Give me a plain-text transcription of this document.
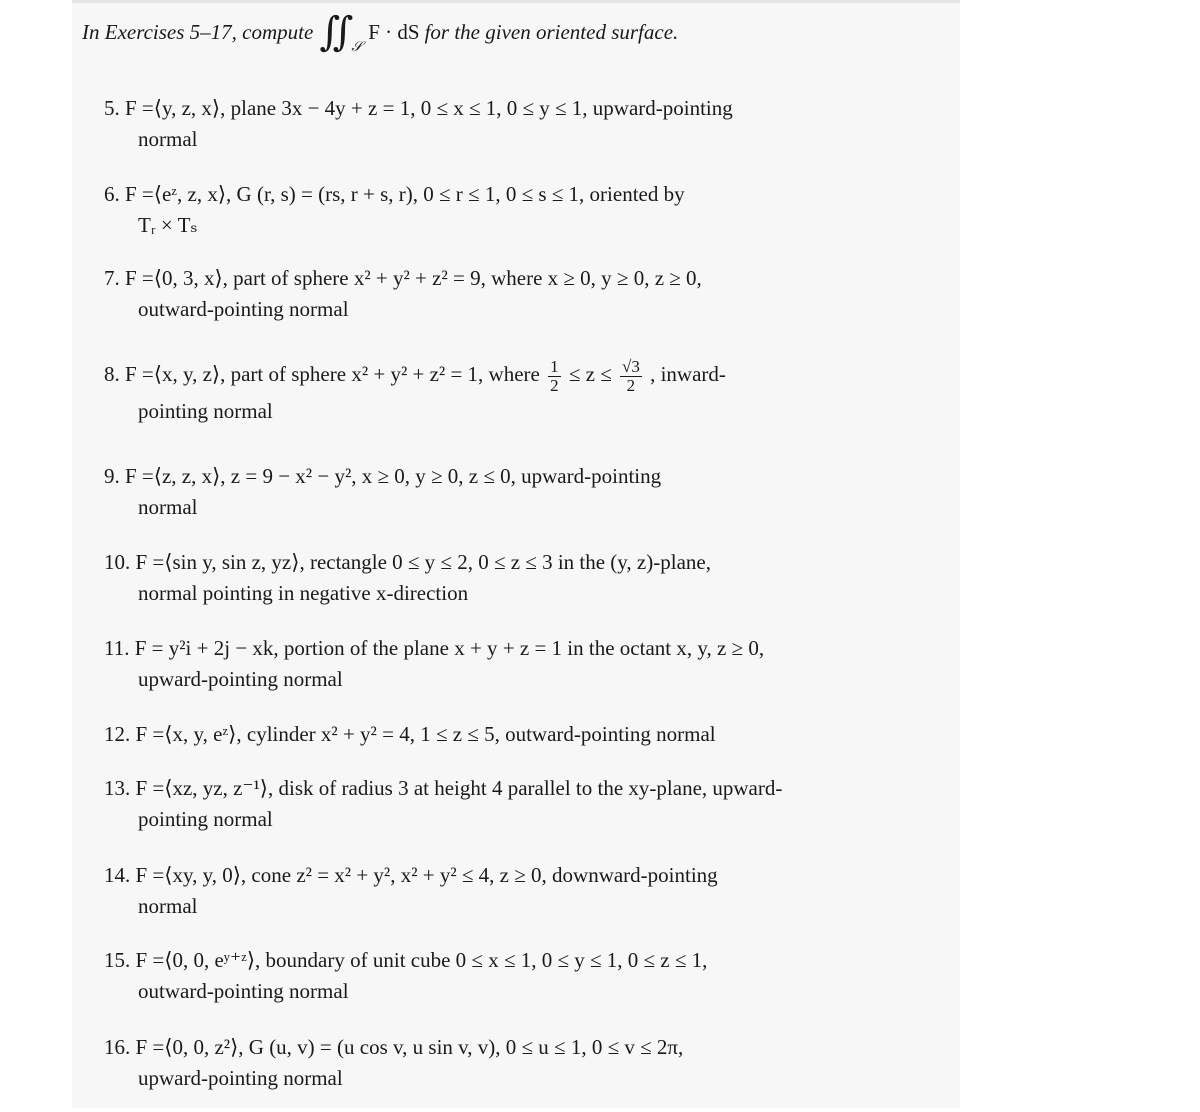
In Exercises 5–17, compute ∬ 𝒮
F · dS for the given oriented surface.
5. F =⟨y, z, x⟩, plane 3x − 4y + z = 1, 0 ≤ x ≤ 1, 0 ≤ y ≤ 1, upward-pointing
normal
6. F =⟨eᶻ, z, x⟩, G (r, s) = (rs, r + s, r), 0 ≤ r ≤ 1, 0 ≤ s ≤ 1, oriented by
Tᵣ × Tₛ
7. F =⟨0, 3, x⟩, part of sphere x² + y² + z² = 9, where x ≥ 0, y ≥ 0, z ≥ 0,
outward-pointing normal
8. F =⟨x, y, z⟩, part of sphere x² + y² + z² = 1, where $\frac{1}{2} \le z \le \frac{√3}{2}$ , inward-
pointing normal
9. F =⟨z, z, x⟩, z = 9 − x² − y², x ≥ 0, y ≥ 0, z ≤ 0, upward-pointing
normal
10. F =⟨sin y, sin z, yz⟩, rectangle 0 ≤ y ≤ 2, 0 ≤ z ≤ 3 in the (y, z)-plane,
normal pointing in negative x-direction
11. F = y²i + 2j − xk, portion of the plane x + y + z = 1 in the octant x, y, z ≥ 0,
upward-pointing normal
12. F =⟨x, y, eᶻ⟩, cylinder x² + y² = 4, 1 ≤ z ≤ 5, outward-pointing normal
13. F =⟨xz, yz, z⁻¹⟩, disk of radius 3 at height 4 parallel to the xy-plane, upward-
pointing normal
14. F =⟨xy, y, 0⟩, cone z² = x² + y², x² + y² ≤ 4, z ≥ 0, downward-pointing
normal
15. F =⟨0, 0, eʸ⁺ᶻ⟩, boundary of unit cube 0 ≤ x ≤ 1, 0 ≤ y ≤ 1, 0 ≤ z ≤ 1,
outward-pointing normal
16. F =⟨0, 0, z²⟩, G (u, v) = (u cos v, u sin v, v), 0 ≤ u ≤ 1, 0 ≤ v ≤ 2π,
upward-pointing normal
